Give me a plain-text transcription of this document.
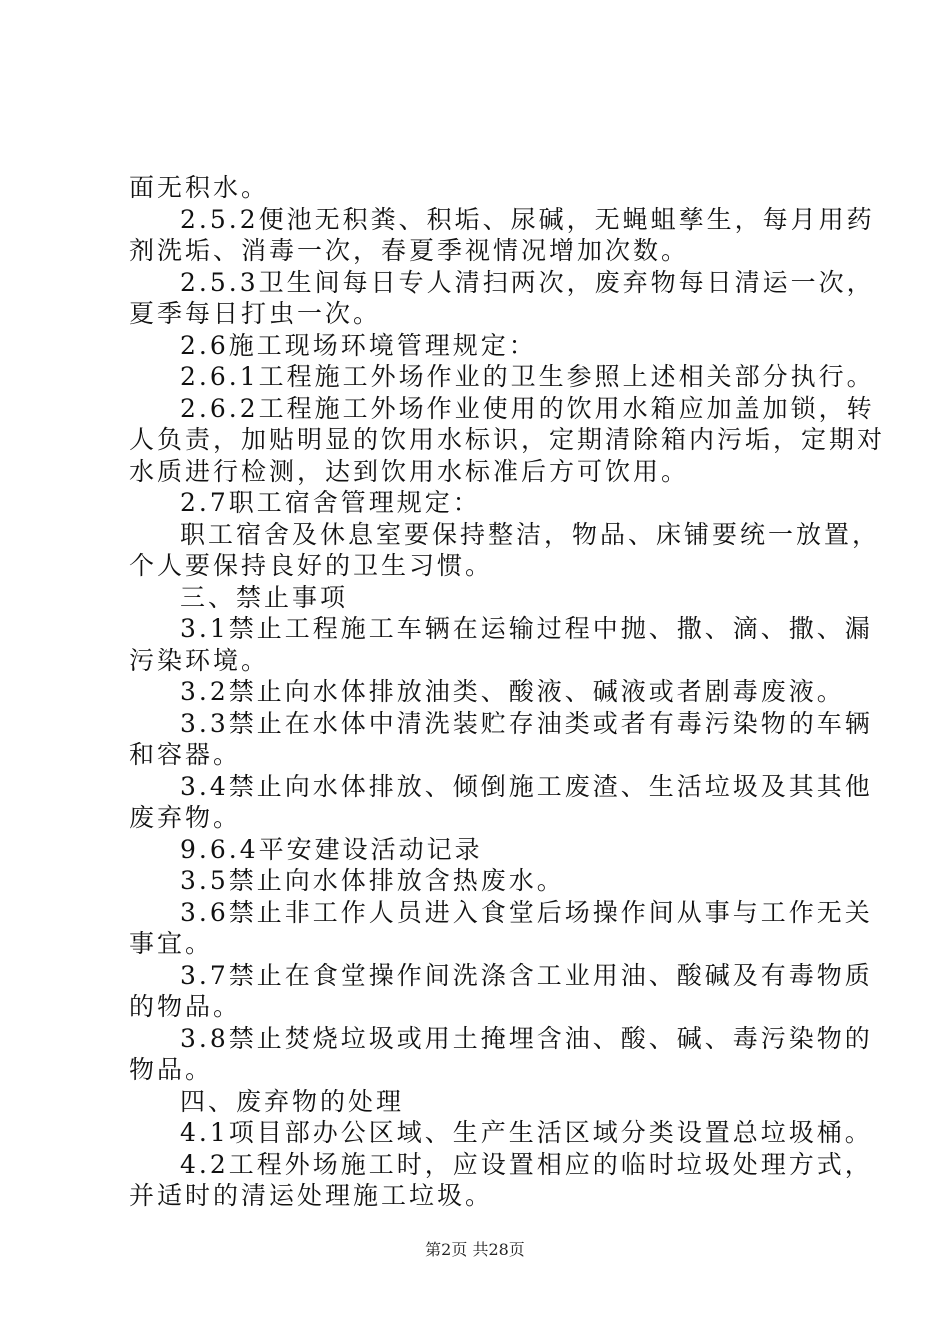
面无积水。
2.5.2便池无积粪、积垢、尿碱，无蝇蛆孳生，每月用药
剂洗垢、消毒一次，春夏季视情况增加次数。
2.5.3卫生间每日专人清扫两次，废弃物每日清运一次，
夏季每日打虫一次。
2.6施工现场环境管理规定：
2.6.1工程施工外场作业的卫生参照上述相关部分执行。
2.6.2工程施工外场作业使用的饮用水箱应加盖加锁，转
人负责，加贴明显的饮用水标识，定期清除箱内污垢，定期对
水质进行检测，达到饮用水标准后方可饮用。
2.7职工宿舍管理规定：
职工宿舍及休息室要保持整洁，物品、床铺要统一放置，
个人要保持良好的卫生习惯。
三、禁止事项
3.1禁止工程施工车辆在运输过程中抛、撒、滴、撒、漏
污染环境。
3.2禁止向水体排放油类、酸液、碱液或者剧毒废液。
3.3禁止在水体中清洗装贮存油类或者有毒污染物的车辆
和容器。
3.4禁止向水体排放、倾倒施工废渣、生活垃圾及其其他
废弃物。
9.6.4平安建设活动记录
3.5禁止向水体排放含热废水。
3.6禁止非工作人员进入食堂后场操作间从事与工作无关
事宜。
3.7禁止在食堂操作间洗涤含工业用油、酸碱及有毒物质
的物品。
3.8禁止焚烧垃圾或用土掩埋含油、酸、碱、毒污染物的
物品。
四、废弃物的处理
4.1项目部办公区域、生产生活区域分类设置总垃圾桶。
4.2工程外场施工时，应设置相应的临时垃圾处理方式，
并适时的清运处理施工垃圾。
第2页 共28页
